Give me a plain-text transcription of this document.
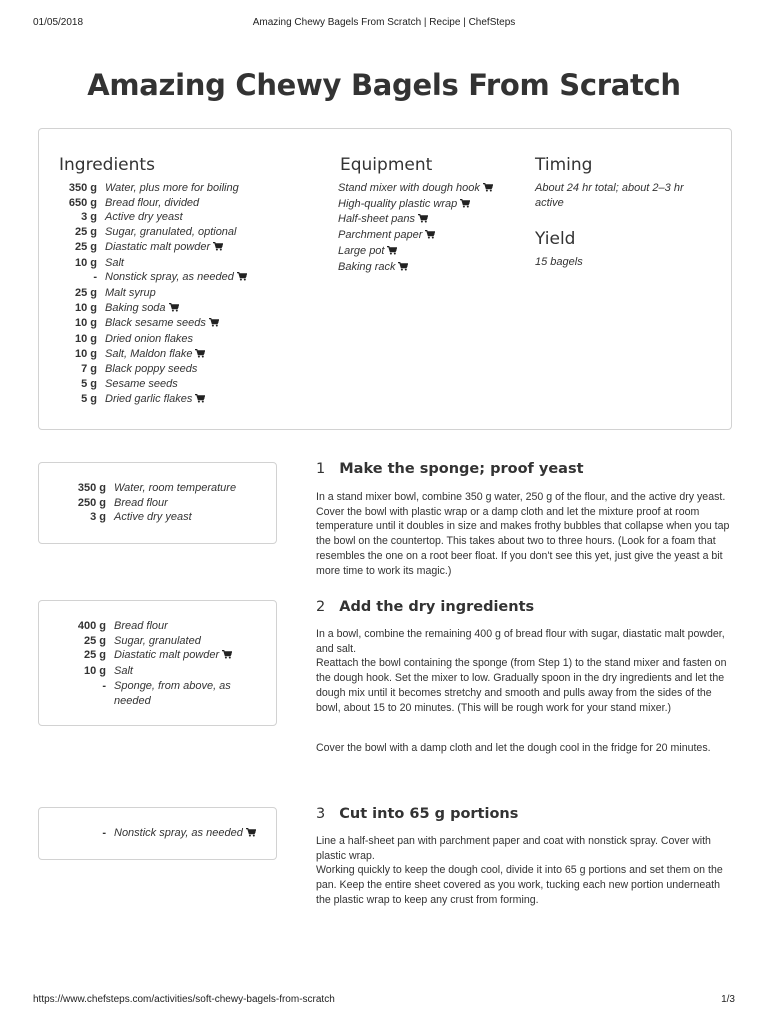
01/05/2018	Amazing Chewy Bagels From Scratch | Recipe | ChefSteps
https://www.chefsteps.com/activities/soft-chewy-bagels-from-scratch	1/3
Amazing Chewy Bagels From Scratch
Ingredients
350 g Water, plus more for boiling
650 g Bread flour, divided
3 g Active dry yeast
25 g Sugar, granulated, optional
25 g Diastatic malt powder
10 g Salt
- Nonstick spray, as needed
25 g Malt syrup
10 g Baking soda
10 g Black sesame seeds
10 g Dried onion flakes
10 g Salt, Maldon flake
7 g Black poppy seeds
5 g Sesame seeds
5 g Dried garlic flakes
Equipment
Stand mixer with dough hook
High-quality plastic wrap
Half-sheet pans
Parchment paper
Large pot
Baking rack
Timing
About 24 hr total; about 2–3 hr active
Yield
15 bagels
350 g Water, room temperature
250 g Bread flour
3 g Active dry yeast
1 Make the sponge; proof yeast

In a stand mixer bowl, combine 350 g water, 250 g of the flour, and the active dry yeast. Cover the bowl with plastic wrap or a damp cloth and let the mixture proof at room temperature until it doubles in size and makes frothy bubbles that collapse when you tap the bowl on the countertop. This takes about two to three hours. (Look for a foam that resembles the one on a root beer float. If you don't see this yet, just give the yeast a bit more time to work its magic.)

400 g Bread flour
25 g Sugar, granulated
25 g Diastatic malt powder
10 g Salt
- Sponge, from above, as needed
2 Add the dry ingredients

In a bowl, combine the remaining 400 g of bread flour with sugar, diastatic malt powder, and salt.

Reattach the bowl containing the sponge (from Step 1) to the stand mixer and fasten on the dough hook. Set the mixer to low. Gradually spoon in the dry ingredients and let the dough mix until it becomes stretchy and smooth and pulls away from the sides of the bowl, about 15 to 20 minutes. (This will be rough work for your stand mixer.)

Cover the bowl with a damp cloth and let the dough cool in the fridge for 20 minutes.

- Nonstick spray, as needed
3 Cut into 65 g portions

Line a half-sheet pan with parchment paper and coat with nonstick spray. Cover with plastic wrap.

Working quickly to keep the dough cool, divide it into 65 g portions and set them on the pan. Keep the entire sheet covered as you work, tucking each new portion underneath the plastic wrap to keep any crust from forming.
